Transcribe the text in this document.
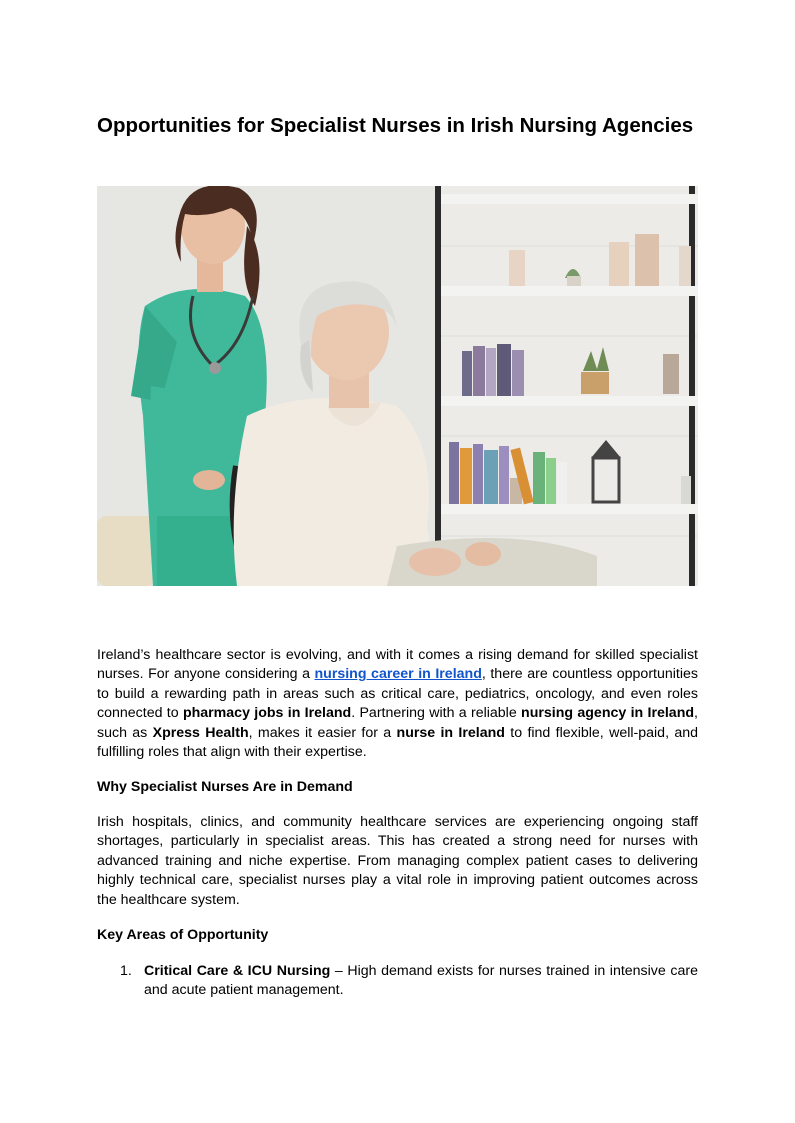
Opportunities for Specialist Nurses in Irish Nursing Agencies

Ireland’s healthcare sector is evolving, and with it comes a rising demand for skilled specialist nurses. For anyone considering a nursing career in Ireland, there are countless opportunities to build a rewarding path in areas such as critical care, pediatrics, oncology, and even roles connected to pharmacy jobs in Ireland. Partnering with a reliable nursing agency in Ireland, such as Xpress Health, makes it easier for a nurse in Ireland to find flexible, well-paid, and fulfilling roles that align with their expertise.

Why Specialist Nurses Are in Demand

Irish hospitals, clinics, and community healthcare services are experiencing ongoing staff shortages, particularly in specialist areas. This has created a strong need for nurses with advanced training and niche expertise. From managing complex patient cases to delivering highly technical care, specialist nurses play a vital role in improving patient outcomes across the healthcare system.

Key Areas of Opportunity

1. Critical Care & ICU Nursing – High demand exists for nurses trained in intensive care and acute patient management.
